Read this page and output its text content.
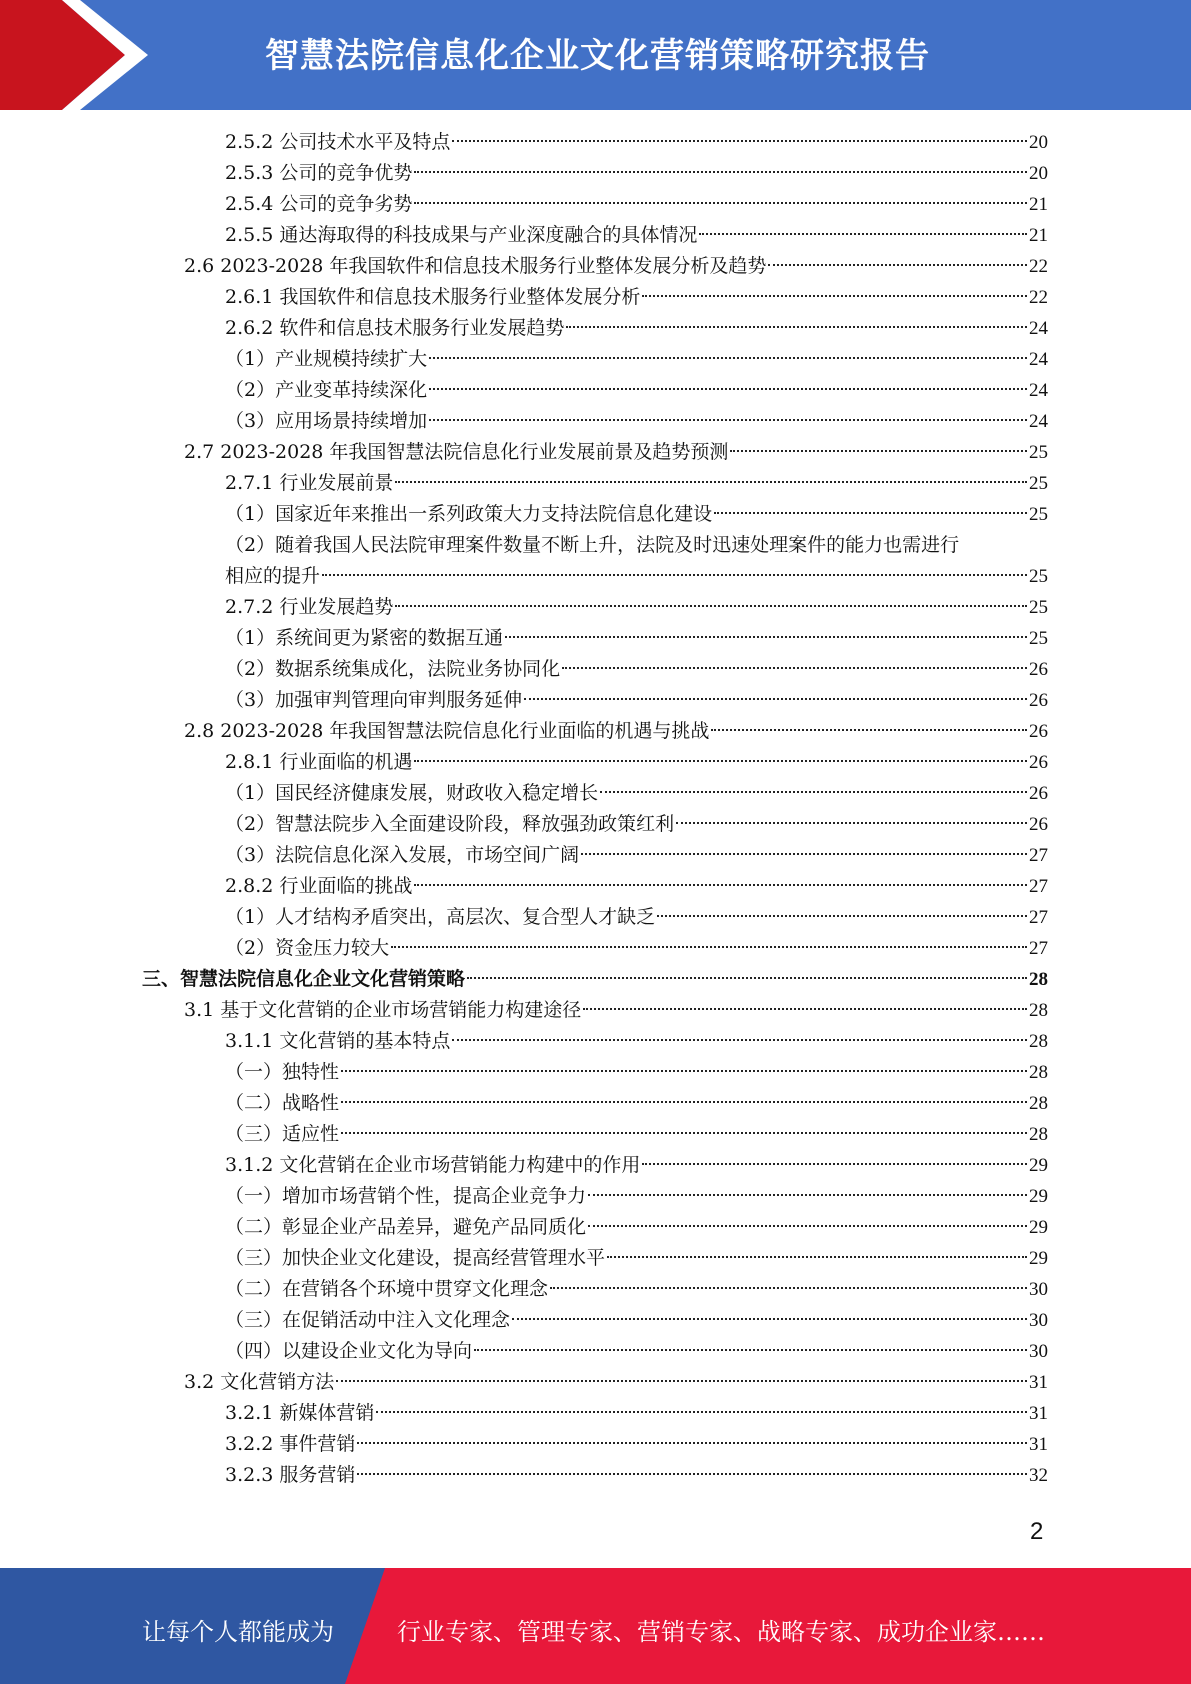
智慧法院信息化企业文化营销策略研究报告
2.5.2 公司技术水平及特点	20
2.5.3 公司的竞争优势	20
2.5.4 公司的竞争劣势	21
2.5.5 通达海取得的科技成果与产业深度融合的具体情况	21
2.6 2023-2028 年我国软件和信息技术服务行业整体发展分析及趋势	22
2.6.1 我国软件和信息技术服务行业整体发展分析	22
2.6.2 软件和信息技术服务行业发展趋势	24
（1）产业规模持续扩大	24
（2）产业变革持续深化	24
（3）应用场景持续增加	24
2.7 2023-2028 年我国智慧法院信息化行业发展前景及趋势预测	25
2.7.1 行业发展前景	25
（1）国家近年来推出一系列政策大力支持法院信息化建设	25
（2）随着我国人民法院审理案件数量不断上升，法院及时迅速处理案件的能力也需进行
相应的提升	25
2.7.2 行业发展趋势	25
（1）系统间更为紧密的数据互通	25
（2）数据系统集成化，法院业务协同化	26
（3）加强审判管理向审判服务延伸	26
2.8 2023-2028 年我国智慧法院信息化行业面临的机遇与挑战	26
2.8.1 行业面临的机遇	26
（1）国民经济健康发展，财政收入稳定增长	26
（2）智慧法院步入全面建设阶段，释放强劲政策红利	26
（3）法院信息化深入发展，市场空间广阔	27
2.8.2 行业面临的挑战	27
（1）人才结构矛盾突出，高层次、复合型人才缺乏	27
（2）资金压力较大	27
三、智慧法院信息化企业文化营销策略	28
3.1 基于文化营销的企业市场营销能力构建途径	28
3.1.1 文化营销的基本特点	28
（一）独特性	28
（二）战略性	28
（三）适应性	28
3.1.2 文化营销在企业市场营销能力构建中的作用	29
（一）增加市场营销个性，提高企业竞争力	29
（二）彰显企业产品差异，避免产品同质化	29
（三）加快企业文化建设，提高经营管理水平	29
（二）在营销各个环境中贯穿文化理念	30
（三）在促销活动中注入文化理念	30
（四）以建设企业文化为导向	30
3.2 文化营销方法	31
3.2.1 新媒体营销	31
3.2.2 事件营销	31
3.2.3 服务营销	32
2
让每个人都能成为	行业专家、管理专家、营销专家、战略专家、成功企业家……
